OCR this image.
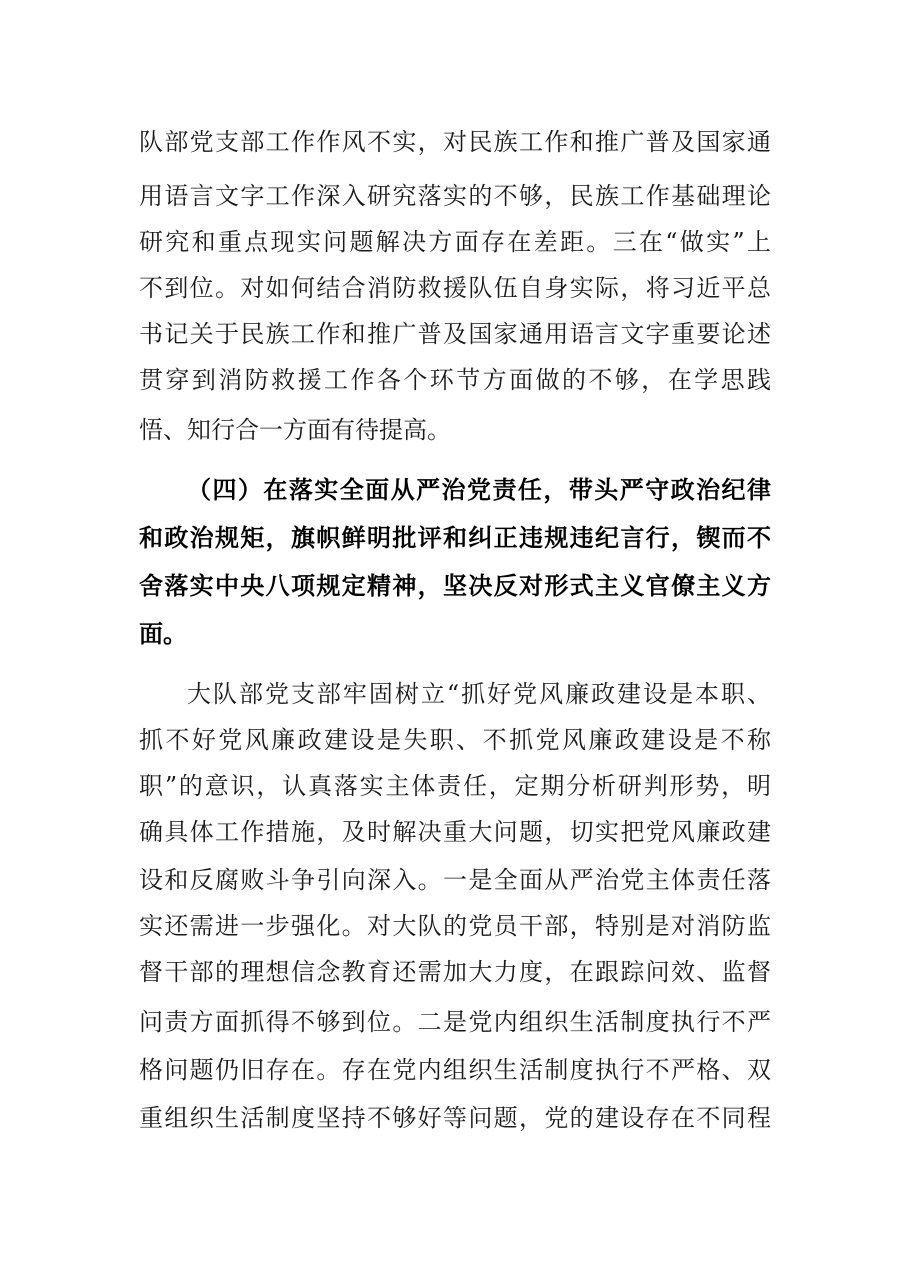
队部党支部工作作风不实，对民族工作和推广普及国家通
用语言文字工作深入研究落实的不够，民族工作基础理论
研究和重点现实问题解决方面存在差距。三在“做实”上
不到位。对如何结合消防救援队伍自身实际，将习近平总
书记关于民族工作和推广普及国家通用语言文字重要论述
贯穿到消防救援工作各个环节方面做的不够，在学思践
悟、知行合一方面有待提高。
（四）在落实全面从严治党责任，带头严守政治纪律
和政治规矩，旗帜鲜明批评和纠正违规违纪言行，锲而不
舍落实中央八项规定精神，坚决反对形式主义官僚主义方
面。
大队部党支部牢固树立“抓好党风廉政建设是本职、
抓不好党风廉政建设是失职、不抓党风廉政建设是不称
职”的意识，认真落实主体责任，定期分析研判形势，明
确具体工作措施，及时解决重大问题，切实把党风廉政建
设和反腐败斗争引向深入。一是全面从严治党主体责任落
实还需进一步强化。对大队的党员干部，特别是对消防监
督干部的理想信念教育还需加大力度，在跟踪问效、监督
问责方面抓得不够到位。二是党内组织生活制度执行不严
格问题仍旧存在。存在党内组织生活制度执行不严格、双
重组织生活制度坚持不够好等问题，党的建设存在不同程
